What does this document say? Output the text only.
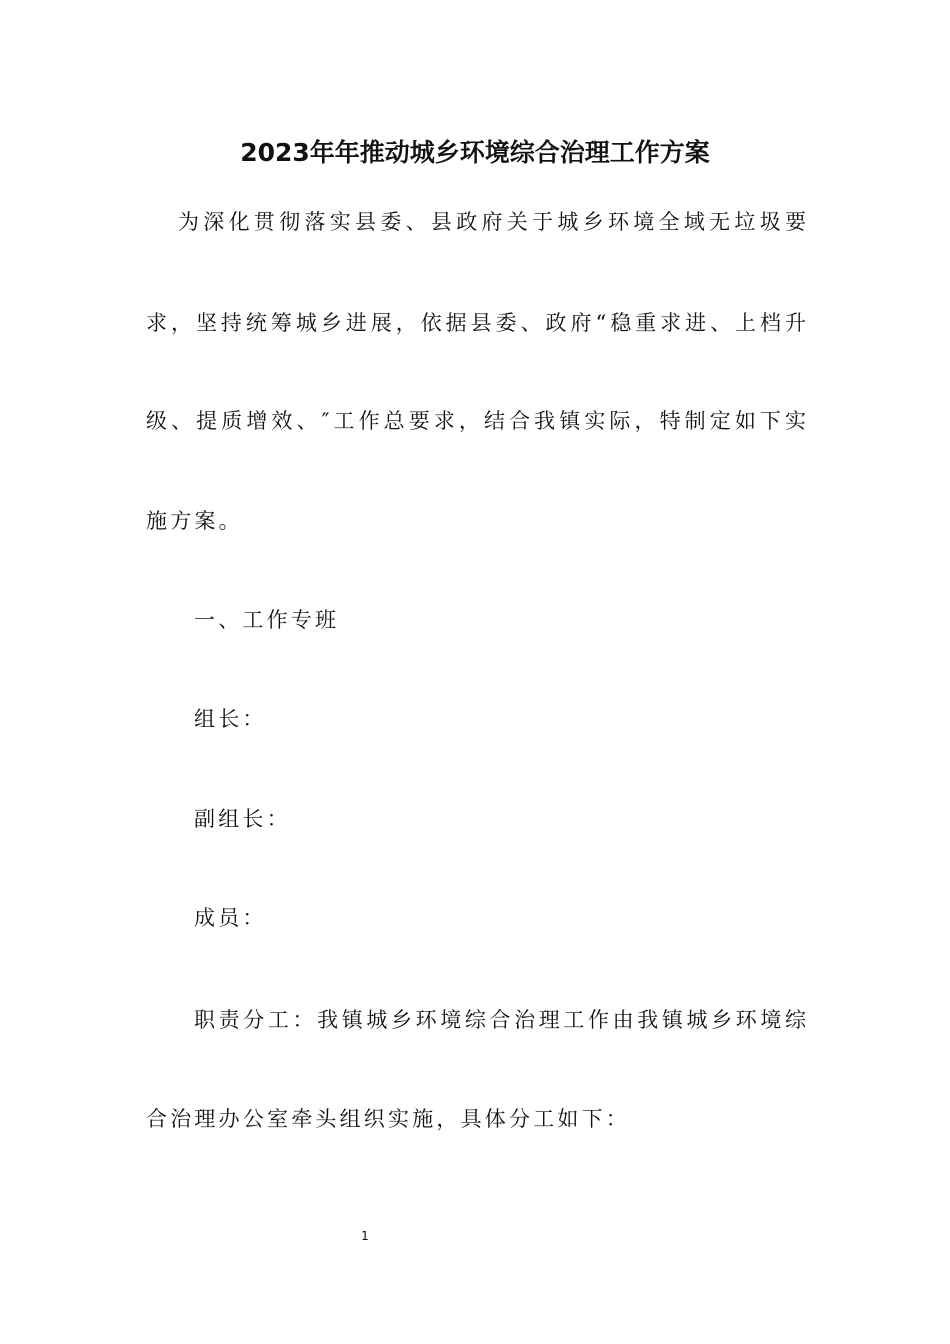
2023年年推动城乡环境综合治理工作方案
为深化贯彻落实县委、县政府关于城乡环境全域无垃圾要
求，坚持统筹城乡进展，依据县委、政府“稳重求进、上档升
级、提质增效、″工作总要求，结合我镇实际，特制定如下实
施方案。
一、工作专班
组长：
副组长：
成员：
职责分工：我镇城乡环境综合治理工作由我镇城乡环境综
合治理办公室牵头组织实施，具体分工如下：
1
